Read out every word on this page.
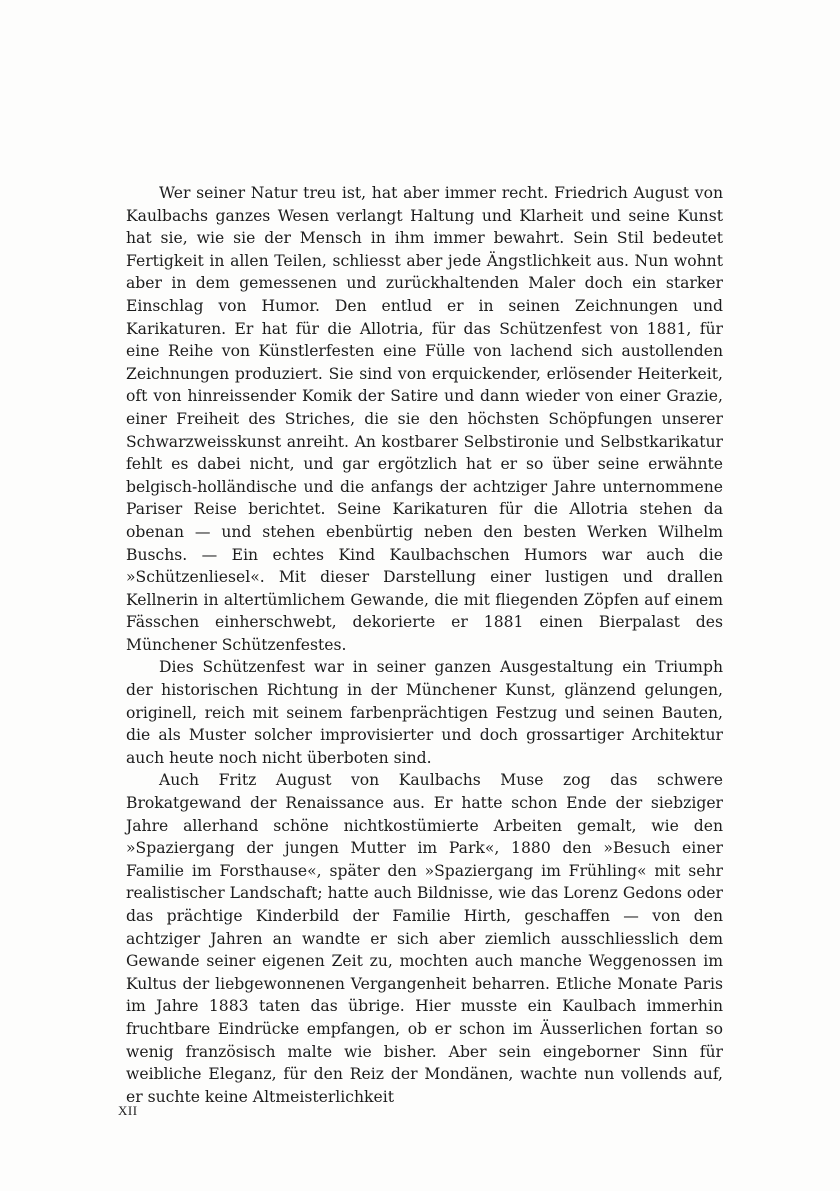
Wer seiner Natur treu ist, hat aber immer recht. Friedrich August von Kaulbachs ganzes Wesen verlangt Haltung und Klarheit und seine Kunst hat sie, wie sie der Mensch in ihm immer bewahrt. Sein Stil bedeutet Fertigkeit in allen Teilen, schliesst aber jede Ängstlichkeit aus. Nun wohnt aber in dem gemessenen und zurückhaltenden Maler doch ein starker Einschlag von Humor. Den entlud er in seinen Zeichnungen und Karikaturen. Er hat für die Allotria, für das Schützenfest von 1881, für eine Reihe von Künstlerfesten eine Fülle von lachend sich austollenden Zeichnungen produziert. Sie sind von erquickender, erlösender Heiterkeit, oft von hinreissender Komik der Satire und dann wieder von einer Grazie, einer Freiheit des Striches, die sie den höchsten Schöpfungen unserer Schwarzweisskunst anreiht. An kostbarer Selbstironie und Selbstkarikatur fehlt es dabei nicht, und gar ergötzlich hat er so über seine erwähnte belgisch-holländische und die anfangs der achtziger Jahre unternommene Pariser Reise berichtet. Seine Karikaturen für die Allotria stehen da obenan — und stehen ebenbürtig neben den besten Werken Wilhelm Buschs. — Ein echtes Kind Kaulbachschen Humors war auch die »Schützenliesel«. Mit dieser Darstellung einer lustigen und drallen Kellnerin in altertümlichem Gewande, die mit fliegenden Zöpfen auf einem Fässchen einherschwebt, dekorierte er 1881 einen Bierpalast des Münchener Schützenfestes.

Dies Schützenfest war in seiner ganzen Ausgestaltung ein Triumph der historischen Richtung in der Münchener Kunst, glänzend gelungen, originell, reich mit seinem farbenprächtigen Festzug und seinen Bauten, die als Muster solcher improvisierter und doch grossartiger Architektur auch heute noch nicht überboten sind.

Auch Fritz August von Kaulbachs Muse zog das schwere Brokatgewand der Renaissance aus. Er hatte schon Ende der siebziger Jahre allerhand schöne nichtkostümierte Arbeiten gemalt, wie den »Spaziergang der jungen Mutter im Park«, 1880 den »Besuch einer Familie im Forsthause«, später den »Spaziergang im Frühling« mit sehr realistischer Landschaft; hatte auch Bildnisse, wie das Lorenz Gedons oder das prächtige Kinderbild der Familie Hirth, geschaffen — von den achtziger Jahren an wandte er sich aber ziemlich ausschliesslich dem Gewande seiner eigenen Zeit zu, mochten auch manche Weggenossen im Kultus der liebgewonnenen Vergangenheit beharren. Etliche Monate Paris im Jahre 1883 taten das übrige. Hier musste ein Kaulbach immerhin fruchtbare Eindrücke empfangen, ob er schon im Äusserlichen fortan so wenig französisch malte wie bisher. Aber sein eingeborner Sinn für weibliche Eleganz, für den Reiz der Mondänen, wachte nun vollends auf, er suchte keine Altmeisterlichkeit

XII
